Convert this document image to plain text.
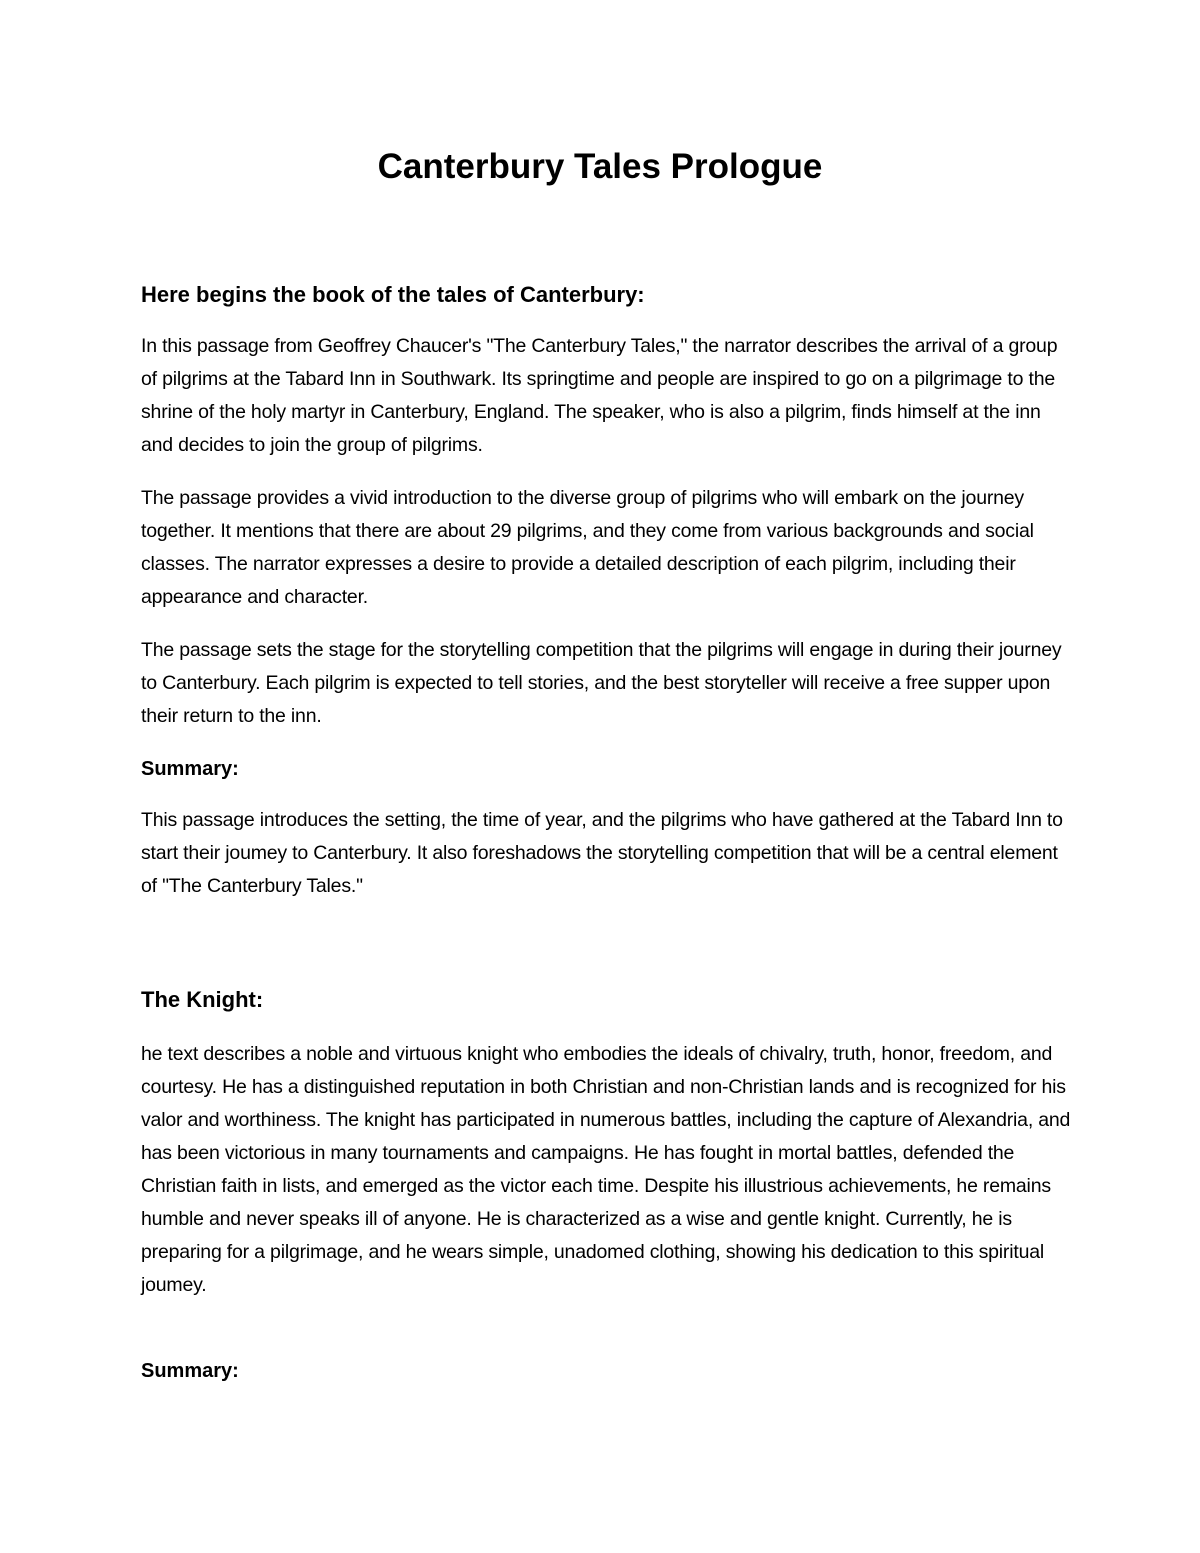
Canterbury Tales Prologue
Here begins the book of the tales of Canterbury:

In this passage from Geoffrey Chaucer's "The Canterbury Tales," the narrator describes the arrival of a group of pilgrims at the Tabard Inn in Southwark. Its springtime and people are inspired to go on a pilgrimage to the shrine of the holy martyr in Canterbury, England. The speaker, who is also a pilgrim, finds himself at the inn and decides to join the group of pilgrims.

The passage provides a vivid introduction to the diverse group of pilgrims who will embark on the journey together. It mentions that there are about 29 pilgrims, and they come from various backgrounds and social classes. The narrator expresses a desire to provide a detailed description of each pilgrim, including their appearance and character.

The passage sets the stage for the storytelling competition that the pilgrims will engage in during their journey to Canterbury. Each pilgrim is expected to tell stories, and the best storyteller will receive a free supper upon their return to the inn.

Summary:

This passage introduces the setting, the time of year, and the pilgrims who have gathered at the Tabard Inn to start their joumey to Canterbury. It also foreshadows the storytelling competition that will be a central element of "The Canterbury Tales."

The Knight:

he text describes a noble and virtuous knight who embodies the ideals of chivalry, truth, honor, freedom, and courtesy. He has a distinguished reputation in both Christian and non-Christian lands and is recognized for his valor and worthiness. The knight has participated in numerous battles, including the capture of Alexandria, and has been victorious in many tournaments and campaigns. He has fought in mortal battles, defended the Christian faith in lists, and emerged as the victor each time. Despite his illustrious achievements, he remains humble and never speaks ill of anyone. He is characterized as a wise and gentle knight. Currently, he is preparing for a pilgrimage, and he wears simple, unadomed clothing, showing his dedication to this spiritual joumey.

Summary:
